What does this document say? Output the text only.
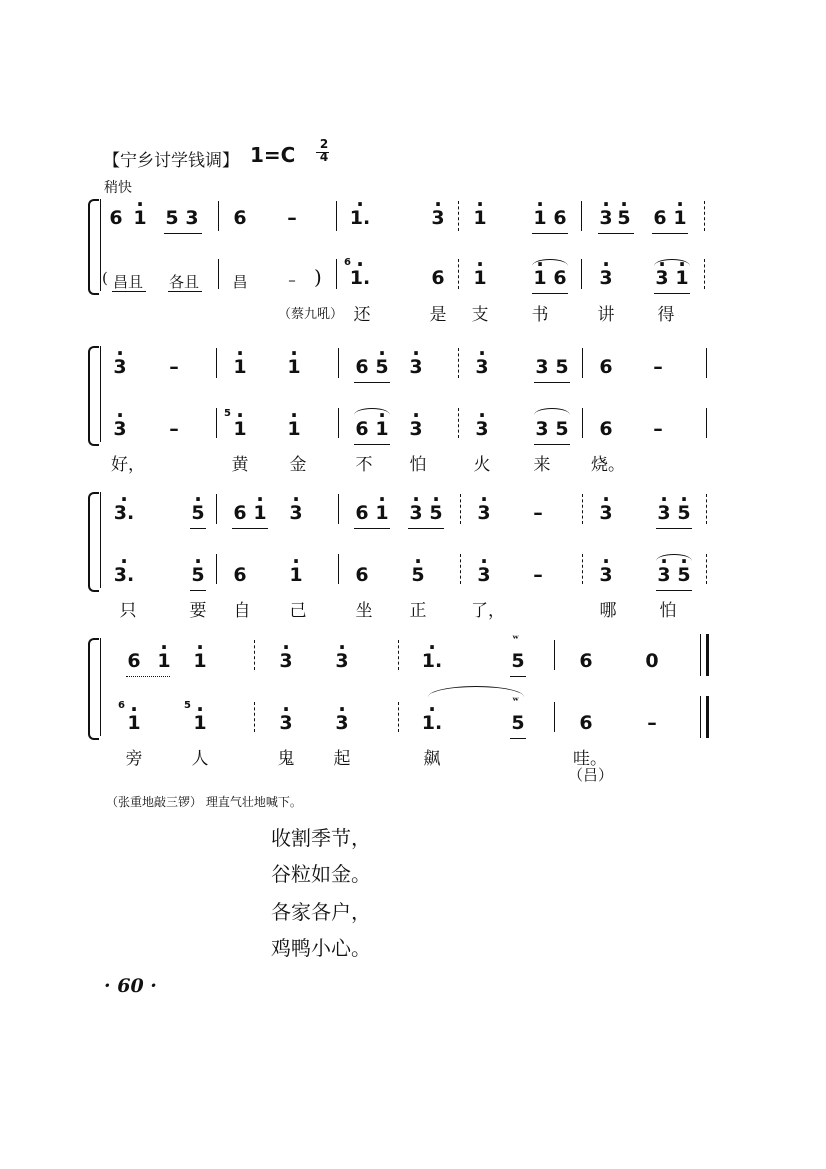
【宁乡讨学钱调】 1=C	2
4
稍快
6 · 1 5 3 6 –	· 1.	· 3 · 1 · 1 6 · 3 · 5 6 · 1
( 昌且 各且 昌	– )
6
· 1.	6 · 1 · 1 6 · 3 · 3 · 1
（蔡九吼） 还	是 支	书	讲	得
· 3 –	· 1 · 1	6 · 5 · 3	· 3 3 5 6 –
· 3 –
5
· 1 · 1	6 · 1 · 3	· 3 3 5 6 –
好，	黄 金	不 怕	火	来 烧。
· 3.	· 5 6 · 1 · 3	6 · 1 · 3 · 5 · 3 –	· 3 · 3 · 5
· 3.	· 5 6 · 1	6 · 5	· 3 –	· 3 · 3 · 5
只	要 自 己	坐 正	了，	哪	怕
6 · 1 · 1	· 3 · 3	· 1.	5
ʷ
6	0
6
· 1
5
· 1	· 3 · 3	· 1.	5
ʷ
6	–
旁	人	鬼 起	飙	哇。
（吕）
（张重地敲三锣） 理直气壮地喊下。
收割季节，
谷粒如金。
各家各户，
鸡鸭小心。
· 60 ·
